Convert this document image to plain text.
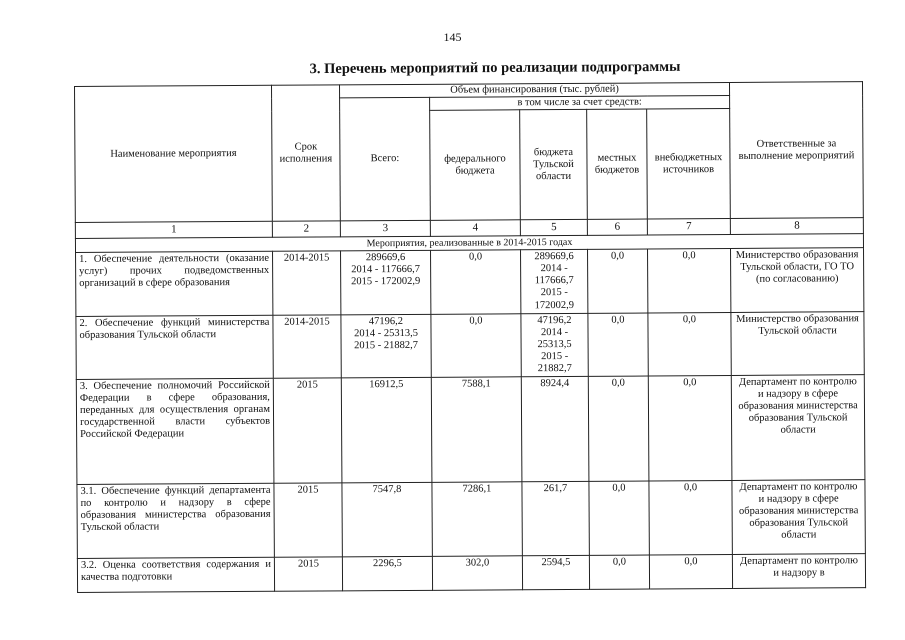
145
3. Перечень мероприятий по реализации подпрограммы
Наименование мероприятия	Срок исполнения	Объем финансирования (тыс. рублей)					Ответственные за выполнение мероприятий
		Всего:	в том числе за счет средств:				
			федерального бюджета	бюджета Тульской области	местных бюджетов	внебюджетных источников	
1	2	3	4	5	6	7	8
Мероприятия, реализованные в 2014-2015 годах							
1. Обеспечение деятельности (оказание услуг) прочих подведомственных организаций в сфере образования	2014-2015	289669,6
2014 - 117666,7
2015 - 172002,9	0,0	289669,6
2014 -
117666,7
2015 -
172002,9	0,0	0,0	Министерство образования Тульской области, ГО ТО (по согласованию)
2. Обеспечение функций министерства образования Тульской области	2014-2015	47196,2
2014 - 25313,5
2015 - 21882,7	0,0	47196,2
2014 -
25313,5
2015 -
21882,7	0,0	0,0	Министерство образования Тульской области
3. Обеспечение полномочий Российской Федерации в сфере образования, переданных для осуществления органам государственной власти субъектов Российской Федерации	2015	16912,5	7588,1	8924,4	0,0	0,0	Департамент по контролю и надзору в сфере образования министерства образования Тульской области
3.1. Обеспечение функций департамента по контролю и надзору в сфере образования министерства образования Тульской области	2015	7547,8	7286,1	261,7	0,0	0,0	Департамент по контролю и надзору в сфере образования министерства образования Тульской области
3.2. Оценка соответствия содержания и качества подготовки	2015	2296,5	302,0	2594,5	0,0	0,0	Департамент по контролю и надзору в
